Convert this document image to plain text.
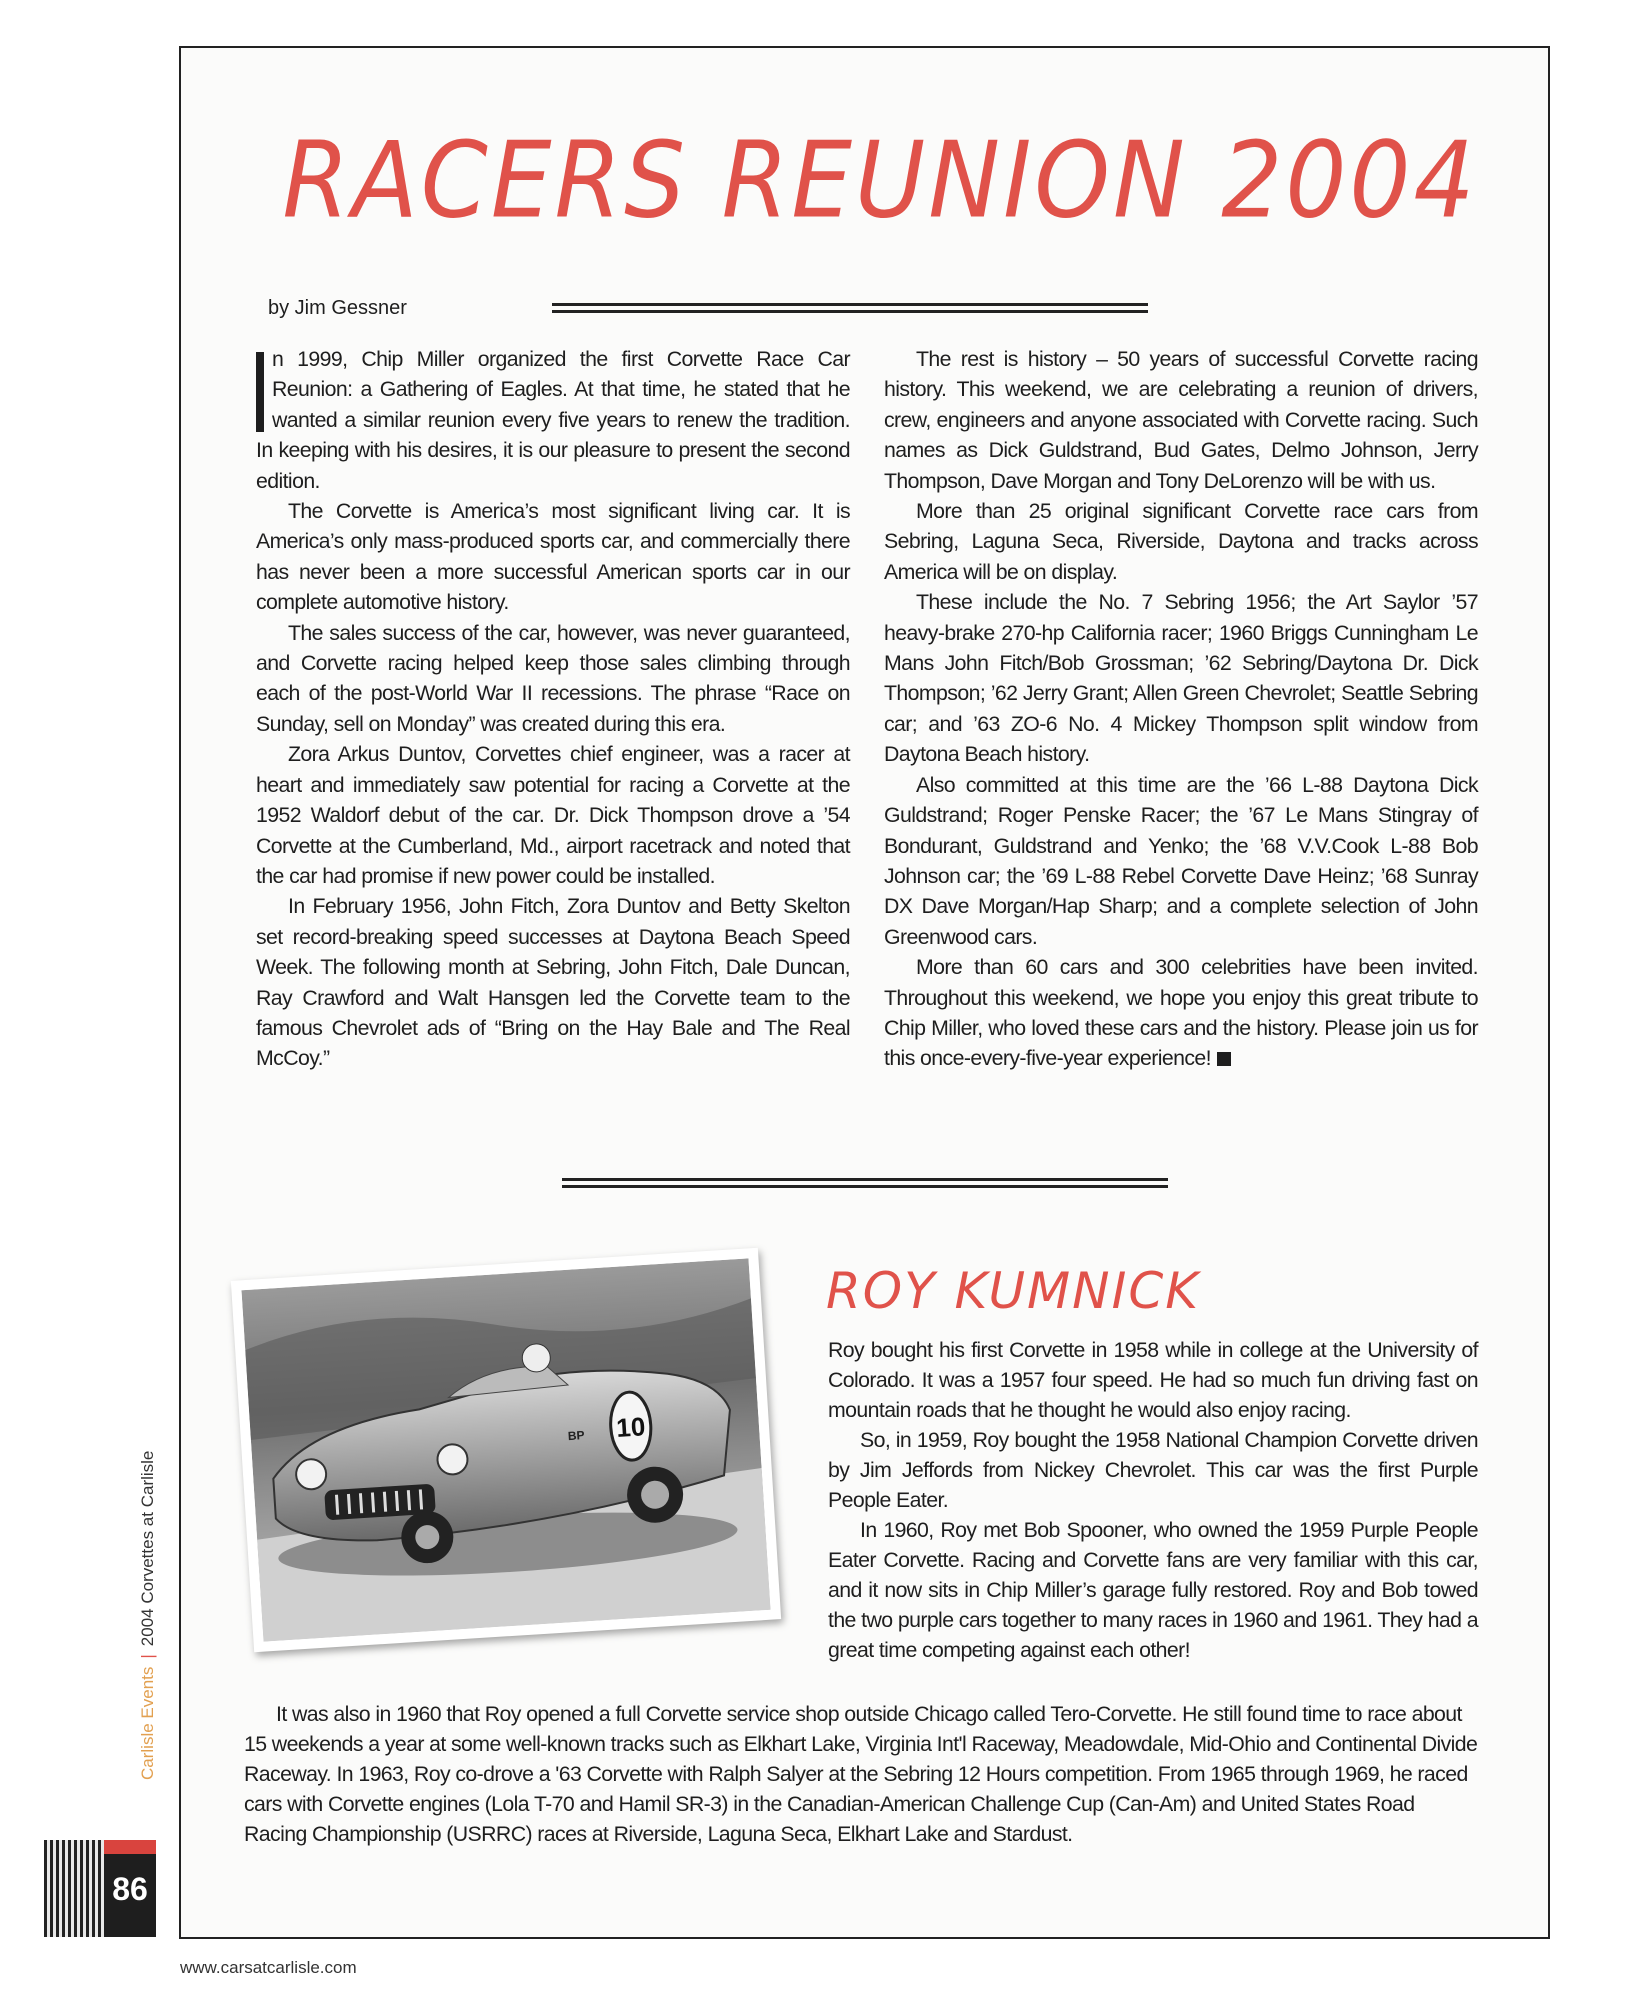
RACERS REUNION 2004
by Jim Gessner

n 1999, Chip Miller organized the first Corvette Race Car Reunion: a Gathering of Eagles. At that time, he stated that he wanted a similar reunion every five years to renew the tradition. In keeping with his desires, it is our pleasure to present the second edition.

The Corvette is America’s most significant living car. It is America’s only mass-produced sports car, and commercially there has never been a more successful American sports car in our complete automotive history.

The sales success of the car, however, was never guaranteed, and Corvette racing helped keep those sales climbing through each of the post-World War II recessions. The phrase “Race on Sunday, sell on Monday” was created during this era.

Zora Arkus Duntov, Corvettes chief engineer, was a racer at heart and immediately saw potential for racing a Corvette at the 1952 Waldorf debut of the car. Dr. Dick Thompson drove a ’54 Corvette at the Cumberland, Md., airport racetrack and noted that the car had promise if new power could be installed.

In February 1956, John Fitch, Zora Duntov and Betty Skelton set record-breaking speed successes at Daytona Beach Speed Week. The following month at Sebring, John Fitch, Dale Duncan, Ray Crawford and Walt Hansgen led the Corvette team to the famous Chevrolet ads of “Bring on the Hay Bale and The Real McCoy.”

The rest is history – 50 years of successful Corvette racing history. This weekend, we are celebrating a reunion of drivers, crew, engineers and anyone associated with Corvette racing. Such names as Dick Guldstrand, Bud Gates, Delmo Johnson, Jerry Thompson, Dave Morgan and Tony DeLorenzo will be with us.

More than 25 original significant Corvette race cars from Sebring, Laguna Seca, Riverside, Daytona and tracks across America will be on display.

These include the No. 7 Sebring 1956; the Art Saylor ’57 heavy-brake 270-hp California racer; 1960 Briggs Cunningham Le Mans John Fitch/Bob Grossman; ’62 Sebring/Daytona Dr. Dick Thompson; ’62 Jerry Grant; Allen Green Chevrolet; Seattle Sebring car; and ’63 ZO-6 No. 4 Mickey Thompson split window from Daytona Beach history.

Also committed at this time are the ’66 L-88 Daytona Dick Guldstrand; Roger Penske Racer; the ’67 Le Mans Stingray of Bondurant, Guldstrand and Yenko; the ’68 V.V.Cook L-88 Bob Johnson car; the ’69 L-88 Rebel Corvette Dave Heinz; ’68 Sunray DX Dave Morgan/Hap Sharp; and a complete selection of John Greenwood cars.

More than 60 cars and 300 celebrities have been invited. Throughout this weekend, we hope you enjoy this great tribute to Chip Miller, who loved these cars and the history. Please join us for this once-every-five-year experience!

10
BP
ROY KUMNICK

Roy bought his first Corvette in 1958 while in college at the University of Colorado. It was a 1957 four speed. He had so much fun driving fast on mountain roads that he thought he would also enjoy racing.

So, in 1959, Roy bought the 1958 National Champion Corvette driven by Jim Jeffords from Nickey Chevrolet. This car was the first Purple People Eater.

In 1960, Roy met Bob Spooner, who owned the 1959 Purple People Eater Corvette. Racing and Corvette fans are very familiar with this car, and it now sits in Chip Miller’s garage fully restored. Roy and Bob towed the two purple cars together to many races in 1960 and 1961. They had a great time competing against each other!

It was also in 1960 that Roy opened a full Corvette service shop outside Chicago called Tero-Corvette. He still found time to race about 15 weekends a year at some well-known tracks such as Elkhart Lake, Virginia Int'l Raceway, Meadowdale, Mid-Ohio and Continental Divide Raceway. In 1963, Roy co-drove a '63 Corvette with Ralph Salyer at the Sebring 12 Hours competition. From 1965 through 1969, he raced cars with Corvette engines (Lola T-70 and Hamil SR-3) in the Canadian-American Challenge Cup (Can-Am) and United States Road Racing Championship (USRRC) races at Riverside, Laguna Seca, Elkhart Lake and Stardust.

Carlisle Events|2004 Corvettes at Carlisle
86
www.carsatcarlisle.com
